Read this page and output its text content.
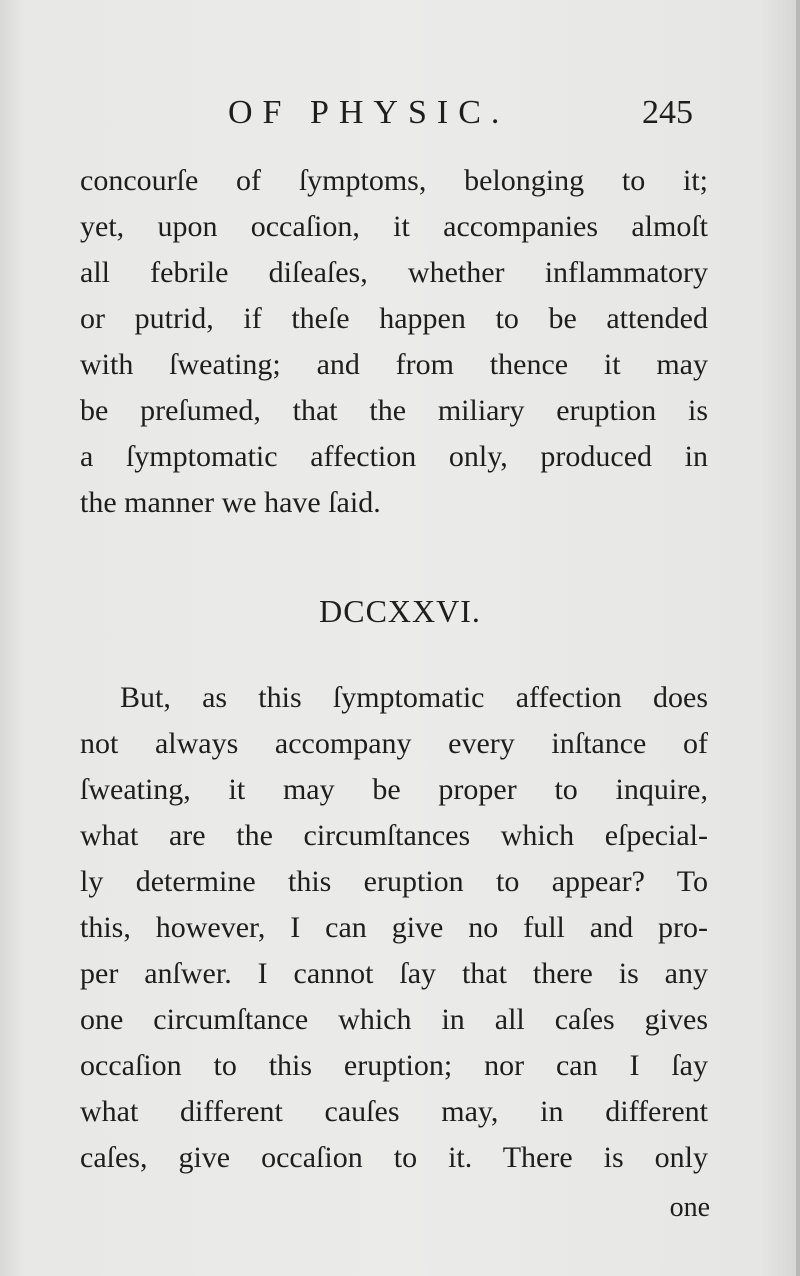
OF PHYSIC.	245
concourſe of ſymptoms, belonging to it;
yet, upon occaſion, it accompanies almoſt
all febrile diſeaſes, whether inflammatory
or putrid, if theſe happen to be attended
with ſweating; and from thence it may
be preſumed, that the miliary eruption is
a ſymptomatic affection only, produced in
the manner we have ſaid.
DCCXXVI.
But, as this ſymptomatic affection does
not always accompany every inſtance of
ſweating, it may be proper to inquire,
what are the circumſtances which eſpecial-
ly determine this eruption to appear? To
this, however, I can give no full and pro-
per anſwer. I cannot ſay that there is any
one circumſtance which in all caſes gives
occaſion to this eruption; nor can I ſay
what different cauſes may, in different
caſes, give occaſion to it. There is only
one
